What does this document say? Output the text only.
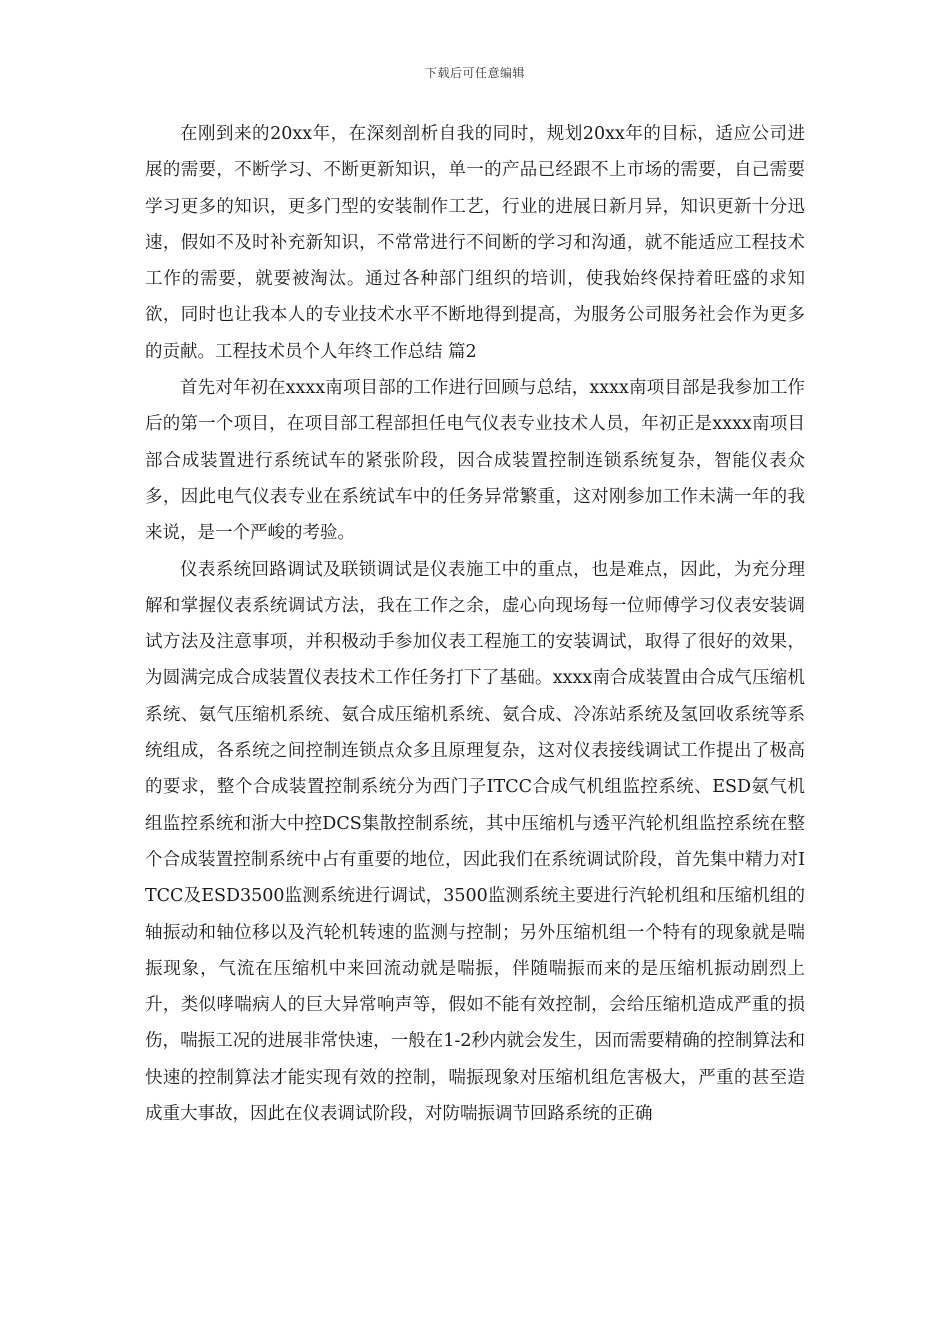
下载后可任意编辑

在刚到来的20xx年，在深刻剖析自我的同时，规划20xx年的目标，适应公司进展的需要，不断学习、不断更新知识，单一的产品已经跟不上市场的需要，自己需要学习更多的知识，更多门型的安装制作工艺，行业的进展日新月异，知识更新十分迅速，假如不及时补充新知识，不常常进行不间断的学习和沟通，就不能适应工程技术工作的需要，就要被淘汰。通过各种部门组织的培训，使我始终保持着旺盛的求知欲，同时也让我本人的专业技术水平不断地得到提高，为服务公司服务社会作为更多的贡献。工程技术员个人年终工作总结 篇2

首先对年初在xxxx南项目部的工作进行回顾与总结，xxxx南项目部是我参加工作后的第一个项目，在项目部工程部担任电气仪表专业技术人员，年初正是xxxx南项目部合成装置进行系统试车的紧张阶段，因合成装置控制连锁系统复杂，智能仪表众多，因此电气仪表专业在系统试车中的任务异常繁重，这对刚参加工作未满一年的我来说，是一个严峻的考验。

仪表系统回路调试及联锁调试是仪表施工中的重点，也是难点，因此，为充分理解和掌握仪表系统调试方法，我在工作之余，虚心向现场每一位师傅学习仪表安装调试方法及注意事项，并积极动手参加仪表工程施工的安装调试，取得了很好的效果，为圆满完成合成装置仪表技术工作任务打下了基础。xxxx南合成装置由合成气压缩机系统、氨气压缩机系统、氨合成压缩机系统、氨合成、冷冻站系统及氢回收系统等系统组成，各系统之间控制连锁点众多且原理复杂，这对仪表接线调试工作提出了极高的要求，整个合成装置控制系统分为西门子ITCC合成气机组监控系统、ESD氨气机组监控系统和浙大中控DCS集散控制系统，其中压缩机与透平汽轮机组监控系统在整个合成装置控制系统中占有重要的地位，因此我们在系统调试阶段，首先集中精力对ITCC及ESD3500监测系统进行调试，3500监测系统主要进行汽轮机组和压缩机组的轴振动和轴位移以及汽轮机转速的监测与控制；另外压缩机组一个特有的现象就是喘振现象，气流在压缩机中来回流动就是喘振，伴随喘振而来的是压缩机振动剧烈上升，类似哮喘病人的巨大异常响声等，假如不能有效控制，会给压缩机造成严重的损伤，喘振工况的进展非常快速，一般在1-2秒内就会发生，因而需要精确的控制算法和快速的控制算法才能实现有效的控制，喘振现象对压缩机组危害极大，严重的甚至造成重大事故，因此在仪表调试阶段，对防喘振调节回路系统的正确
